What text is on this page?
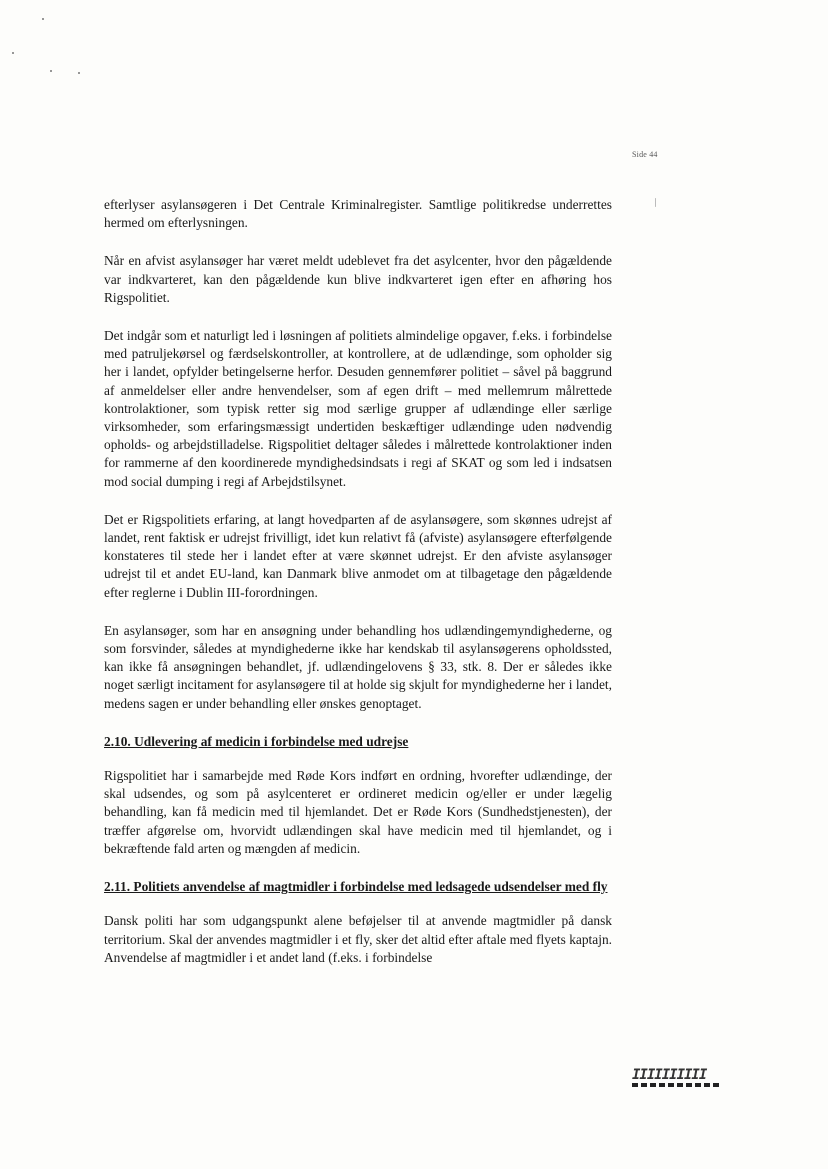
Side 44

efterlyser asylansøgeren i Det Centrale Kriminalregister. Samtlige politikredse underrettes hermed om efterlysningen.

Når en afvist asylansøger har været meldt udeblevet fra det asylcenter, hvor den pågældende var indkvarteret, kan den pågældende kun blive indkvarteret igen efter en afhøring hos Rigspolitiet.

Det indgår som et naturligt led i løsningen af politiets almindelige opgaver, f.eks. i forbindelse med patruljekørsel og færdselskontroller, at kontrollere, at de udlændinge, som opholder sig her i landet, opfylder betingelserne herfor. Desuden gennemfører politiet – såvel på baggrund af anmeldelser eller andre henvendelser, som af egen drift – med mellemrum målrettede kontrolaktioner, som typisk retter sig mod særlige grupper af udlændinge eller særlige virksomheder, som erfaringsmæssigt undertiden beskæftiger udlændinge uden nødvendig opholds- og arbejdstilladelse. Rigspolitiet deltager således i målrettede kontrolaktioner inden for rammerne af den koordinerede myndighedsindsats i regi af SKAT og som led i indsatsen mod social dumping i regi af Arbejdstilsynet.

Det er Rigspolitiets erfaring, at langt hovedparten af de asylansøgere, som skønnes udrejst af landet, rent faktisk er udrejst frivilligt, idet kun relativt få (afviste) asylansøgere efterfølgende konstateres til stede her i landet efter at være skønnet udrejst. Er den afviste asylansøger udrejst til et andet EU-land, kan Danmark blive anmodet om at tilbagetage den pågældende efter reglerne i Dublin III-forordningen.

En asylansøger, som har en ansøgning under behandling hos udlændingemyndighederne, og som forsvinder, således at myndighederne ikke har kendskab til asylansøgerens opholdssted, kan ikke få ansøgningen behandlet, jf. udlændingelovens § 33, stk. 8. Der er således ikke noget særligt incitament for asylansøgere til at holde sig skjult for myndighederne her i landet, medens sagen er under behandling eller ønskes genoptaget.

2.10. Udlevering af medicin i forbindelse med udrejse

Rigspolitiet har i samarbejde med Røde Kors indført en ordning, hvorefter udlændinge, der skal udsendes, og som på asylcenteret er ordineret medicin og/eller er under lægelig behandling, kan få medicin med til hjemlandet. Det er Røde Kors (Sundhedstjenesten), der træffer afgørelse om, hvorvidt udlændingen skal have medicin med til hjemlandet, og i bekræftende fald arten og mængden af medicin.

2.11. Politiets anvendelse af magtmidler i forbindelse med ledsagede udsendelser med fly

Dansk politi har som udgangspunkt alene beføjelser til at anvende magtmidler på dansk territorium. Skal der anvendes magtmidler i et fly, sker det altid efter aftale med flyets kaptajn. Anvendelse af magtmidler i et andet land (f.eks. i forbindelse

IIIIIIIIII
